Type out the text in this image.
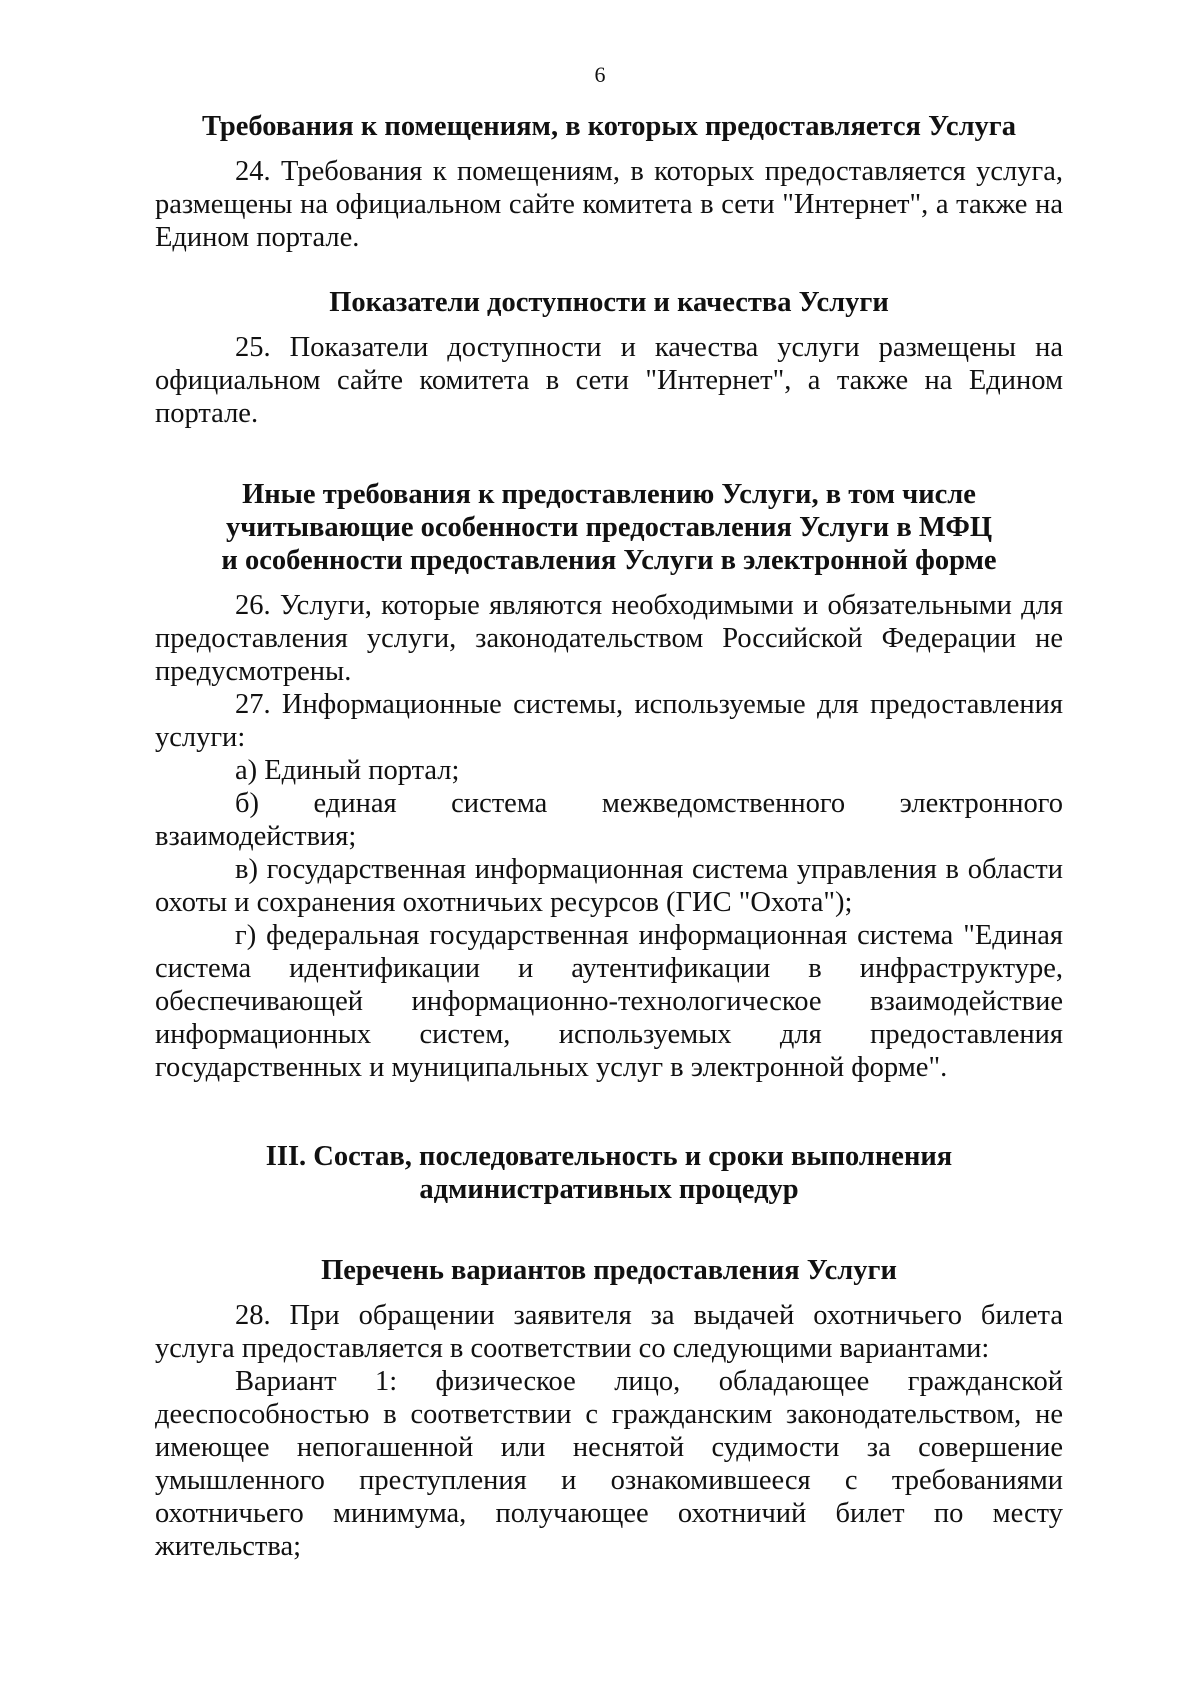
6

Требования к помещениям, в которых предоставляется Услуга

24. Требования к помещениям, в которых предоставляется услуга, размещены на официальном сайте комитета в сети "Интернет", а также на Едином портале.

Показатели доступности и качества Услуги

25. Показатели доступности и качества услуги размещены на официальном сайте комитета в сети "Интернет", а также на Едином портале.

Иные требования к предоставлению Услуги, в том числе

учитывающие особенности предоставления Услуги в МФЦ

и особенности предоставления Услуги в электронной форме

26. Услуги, которые являются необходимыми и обязательными для предоставления услуги, законодательством Российской Федерации не предусмотрены.

27. Информационные системы, используемые для предоставления услуги:

а) Единый портал;

б) единая система межведомственного электронного взаимодействия;

в) государственная информационная система управления в области охоты и сохранения охотничьих ресурсов (ГИС "Охота");

г) федеральная государственная информационная система "Единая система идентификации и аутентификации в инфраструктуре, обеспечивающей информационно-технологическое взаимодействие информационных систем, используемых для предоставления государственных и муниципальных услуг в электронной форме".

III. Состав, последовательность и сроки выполнения

административных процедур

Перечень вариантов предоставления Услуги

28. При обращении заявителя за выдачей охотничьего билета услуга предоставляется в соответствии со следующими вариантами:

Вариант 1: физическое лицо, обладающее гражданской дееспособностью в соответствии с гражданским законодательством, не имеющее непогашенной или неснятой судимости за совершение умышленного преступления и ознакомившееся с требованиями охотничьего минимума, получающее охотничий билет по месту жительства;
